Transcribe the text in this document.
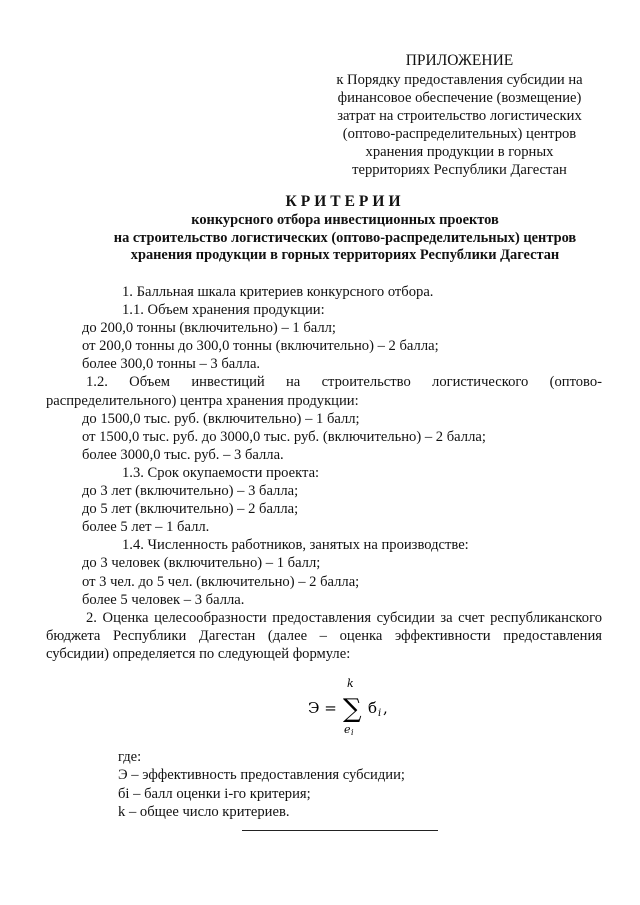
ПРИЛОЖЕНИЕ
к Порядку предоставления субсидии на
финансовое обеспечение (возмещение)
затрат на строительство логистических
(оптово-распределительных) центров
хранения продукции в горных
территориях Республики Дагестан
КРИТЕРИИ
конкурсного отбора инвестиционных проектов
на строительство логистических (оптово-распределительных) центров
хранения продукции в горных территориях Республики Дагестан

1. Балльная шкала критериев конкурсного отбора.

1.1. Объем хранения продукции:

до 200,0 тонны (включительно) – 1 балл;

от 200,0 тонны до 300,0 тонны (включительно) – 2 балла;

более 300,0 тонны – 3 балла.

1.2. Объем инвестиций на строительство логистического (оптово-распределительного) центра хранения продукции:

до 1500,0 тыс. руб. (включительно) – 1 балл;

от 1500,0 тыс. руб. до 3000,0 тыс. руб. (включительно) – 2 балла;

более 3000,0 тыс. руб. – 3 балла.

1.3. Срок окупаемости проекта:

до 3 лет (включительно) – 3 балла;

до 5 лет (включительно) – 2 балла;

более 5 лет – 1 балл.

1.4. Численность работников, занятых на производстве:

до 3 человек (включительно) – 1 балл;

от 3 чел. до 5 чел. (включительно) – 2 балла;

более 5 человек – 3 балла.

2. Оценка целесообразности предоставления субсидии за счет республиканского бюджета Республики Дагестан (далее – оценка эффективности предоставления субсидии) определяется по следующей формуле:

Э = ∑
k
e i
б i ,

где:

Э – эффективность предоставления субсидии;

бi – балл оценки i-го критерия;

k – общее число критериев.
